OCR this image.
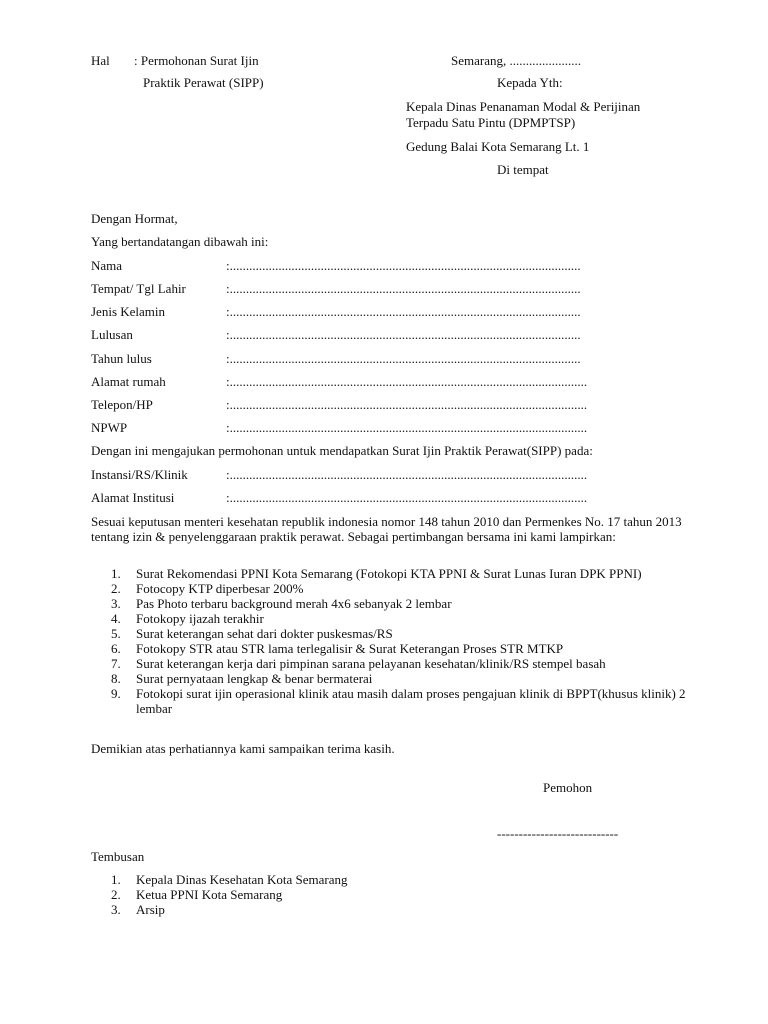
Hal : Permohonan Surat Ijin
Praktik Perawat (SIPP)
Semarang, ......................
Kepada Yth:
Kepala Dinas Penanaman Modal & Perijinan
Terpadu Satu Pintu (DPMPTSP)
Gedung Balai Kota Semarang Lt. 1
Di tempat
Dengan Hormat,
Yang bertandatangan dibawah ini:
Nama	:............................................................................................................
Tempat/ Tgl Lahir	:............................................................................................................
Jenis Kelamin	:............................................................................................................
Lulusan	:............................................................................................................
Tahun lulus	:............................................................................................................
Alamat rumah	:..............................................................................................................
Telepon/HP	:..............................................................................................................
NPWP	:..............................................................................................................
Dengan ini mengajukan permohonan untuk mendapatkan Surat Ijin Praktik Perawat(SIPP) pada:
Instansi/RS/Klinik	:..............................................................................................................
Alamat Institusi	:..............................................................................................................
Sesuai keputusan menteri kesehatan republik indonesia nomor 148 tahun 2010 dan Permenkes No. 17 tahun 2013 tentang izin & penyelenggaraan praktik perawat. Sebagai pertimbangan bersama ini kami lampirkan:
1. Surat Rekomendasi PPNI Kota Semarang (Fotokopi KTA PPNI & Surat Lunas Iuran DPK PPNI)
2. Fotocopy KTP diperbesar 200%
3. Pas Photo terbaru background merah 4x6 sebanyak 2 lembar
4. Fotokopy ijazah terakhir
5. Surat keterangan sehat dari dokter puskesmas/RS
6. Fotokopy STR atau STR lama terlegalisir & Surat Keterangan Proses STR MTKP
7. Surat keterangan kerja dari pimpinan sarana pelayanan kesehatan/klinik/RS stempel basah
8. Surat pernyataan lengkap & benar bermaterai
9. Fotokopi surat ijin operasional klinik atau masih dalam proses pengajuan klinik di BPPT(khusus klinik) 2 lembar
Demikian atas perhatiannya kami sampaikan terima kasih.
Pemohon
----------------------------
Tembusan
1. Kepala Dinas Kesehatan Kota Semarang
2. Ketua PPNI Kota Semarang
3. Arsip
